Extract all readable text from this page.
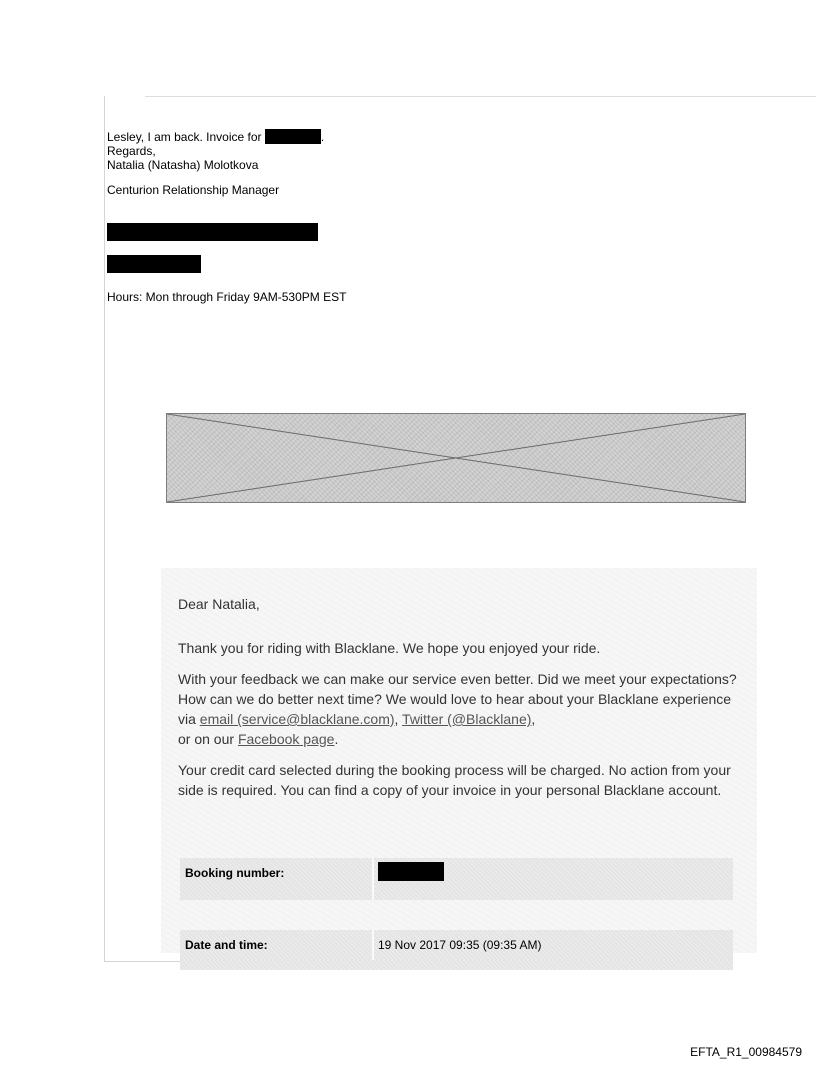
Lesley, I am back. Invoice for	.
Regards,
Natalia (Natasha) Molotkova
Centurion Relationship Manager
Hours: Mon through Friday 9AM-530PM EST

Dear Natalia,

Thank you for riding with Blacklane. We hope you enjoyed your ride.

With your feedback we can make our service even better. Did we meet your expectations? How can we do better next time? We would love to hear about your Blacklane experience via email (service@blacklane.com), Twitter (@Blacklane),
or on our Facebook page.

Your credit card selected during the booking process will be charged. No action from your side is required. You can find a copy of your invoice in your personal Blacklane account.

Booking number:
Date and time:	19 Nov 2017 09:35 (09:35 AM)
EFTA_R1_00984579
